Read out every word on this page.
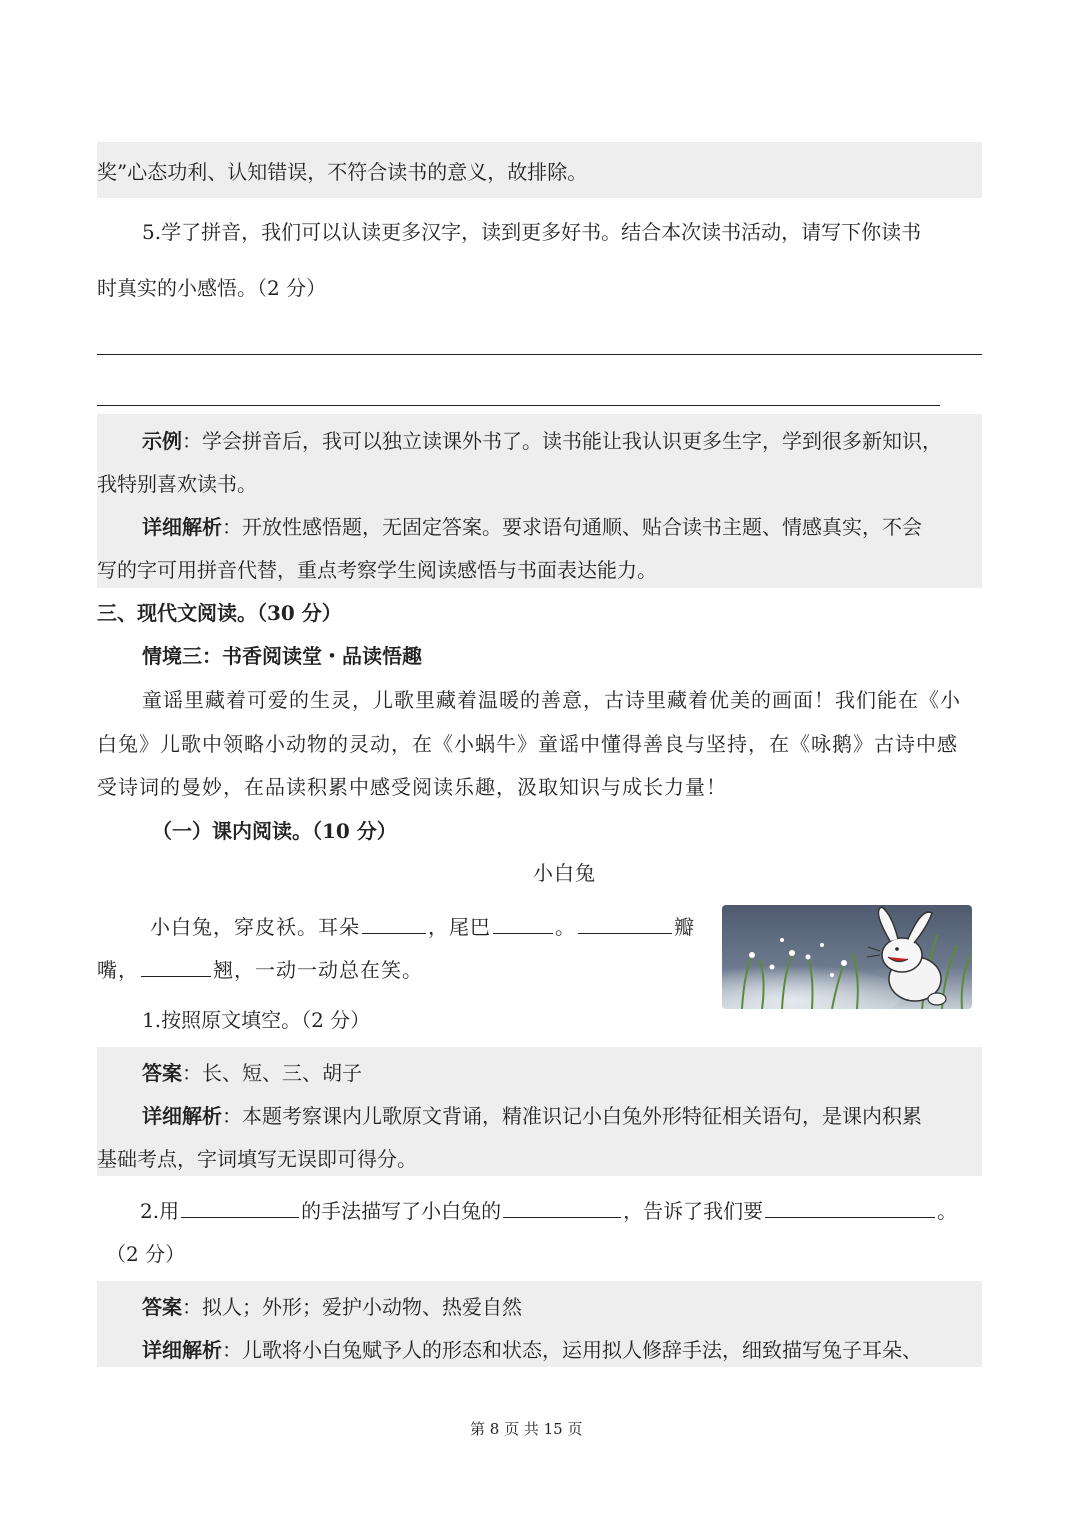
奖”心态功利、认知错误，不符合读书的意义，故排除。
5.学了拼音，我们可以认读更多汉字，读到更多好书。结合本次读书活动，请写下你读书
时真实的小感悟。（2 分）
示例：学会拼音后，我可以独立读课外书了。读书能让我认识更多生字，学到很多新知识，
我特别喜欢读书。
详细解析：开放性感悟题，无固定答案。要求语句通顺、贴合读书主题、情感真实，不会
写的字可用拼音代替，重点考察学生阅读感悟与书面表达能力。
三、现代文阅读。（30 分）
情境三：书香阅读堂・品读悟趣
童谣里藏着可爱的生灵，儿歌里藏着温暖的善意，古诗里藏着优美的画面！我们能在《小
白兔》儿歌中领略小动物的灵动，在《小蜗牛》童谣中懂得善良与坚持，在《咏鹅》古诗中感
受诗词的曼妙，在品读积累中感受阅读乐趣，汲取知识与成长力量！
（一）课内阅读。（10 分）
小白兔
小白兔，穿皮袄。耳朵	，尾巴	。	瓣
嘴，	翘，一动一动总在笑。
1.按照原文填空。（2 分）
答案：长、短、三、胡子
详细解析：本题考察课内儿歌原文背诵，精准识记小白兔外形特征相关语句，是课内积累
基础考点，字词填写无误即可得分。
2.用	的手法描写了小白兔的	，告诉了我们要	。
（2 分）
答案：拟人；外形；爱护小动物、热爱自然
详细解析：儿歌将小白兔赋予人的形态和状态，运用拟人修辞手法，细致描写兔子耳朵、
第 8 页 共 15 页
